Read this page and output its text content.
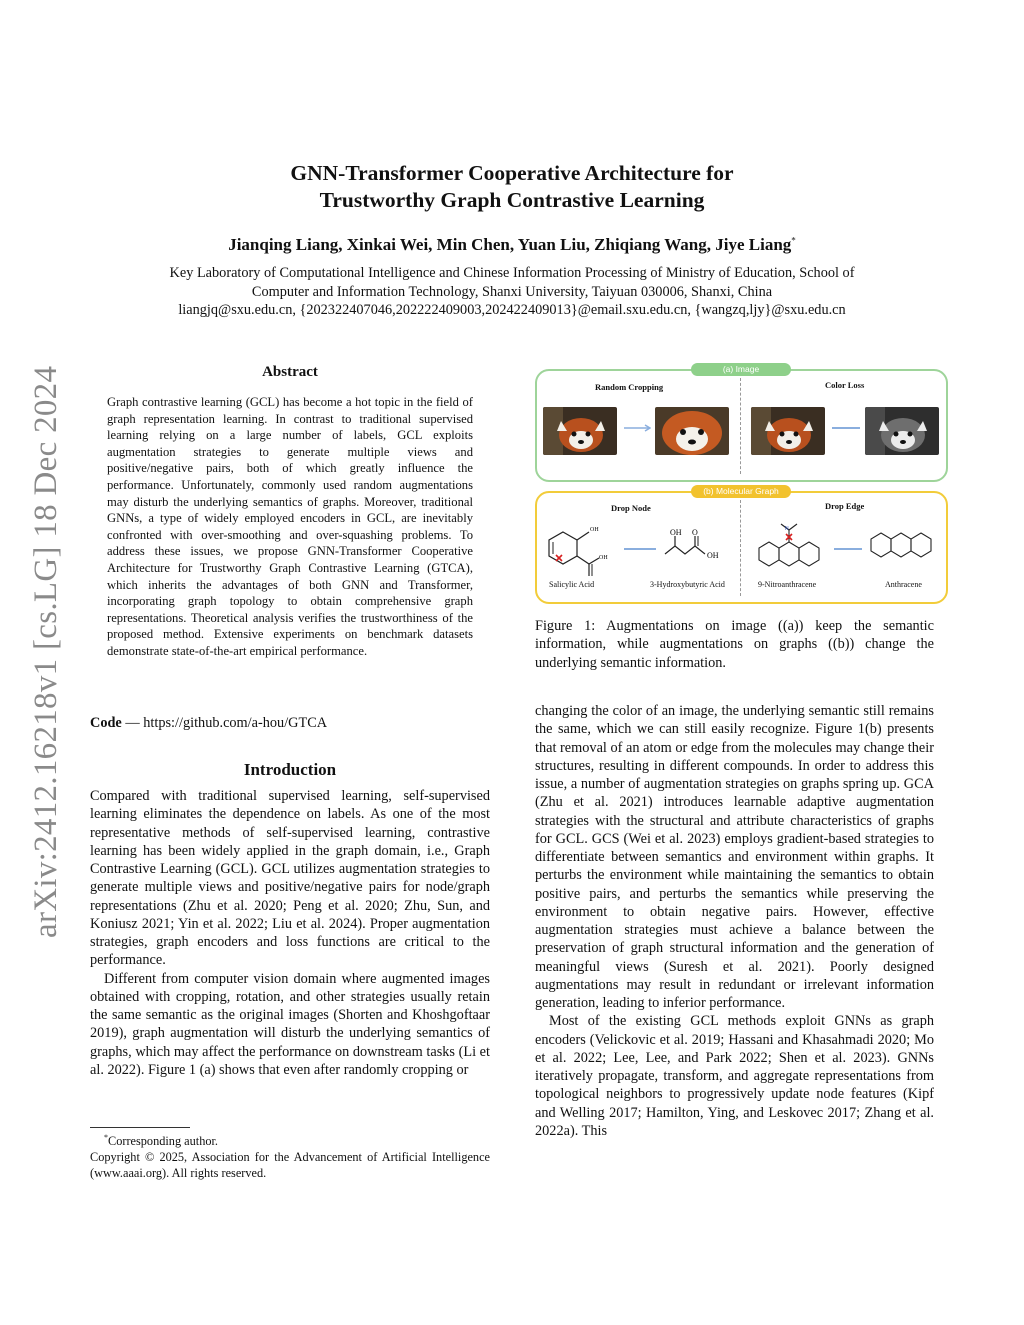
arXiv:2412.16218v1 [cs.LG] 18 Dec 2024
GNN-Transformer Cooperative Architecture for
Trustworthy Graph Contrastive Learning
Jianqing Liang, Xinkai Wei, Min Chen, Yuan Liu, Zhiqiang Wang, Jiye Liang*
Key Laboratory of Computational Intelligence and Chinese Information Processing of Ministry of Education, School of
Computer and Information Technology, Shanxi University, Taiyuan 030006, Shanxi, China
liangjq@sxu.edu.cn, {202322407046,202222409003,202422409013}@email.sxu.edu.cn, {wangzq,ljy}@sxu.edu.cn
Abstract
Graph contrastive learning (GCL) has become a hot topic in the field of graph representation learning. In contrast to traditional supervised learning relying on a large number of labels, GCL exploits augmentation strategies to generate multiple views and positive/negative pairs, both of which greatly influence the performance. Unfortunately, commonly used random augmentations may disturb the underlying semantics of graphs. Moreover, traditional GNNs, a type of widely employed encoders in GCL, are inevitably confronted with over-smoothing and over-squashing problems. To address these issues, we propose GNN-Transformer Cooperative Architecture for Trustworthy Graph Contrastive Learning (GTCA), which inherits the advantages of both GNN and Transformer, incorporating graph topology to obtain comprehensive graph representations. Theoretical analysis verifies the trustworthiness of the proposed method. Extensive experiments on benchmark datasets demonstrate state-of-the-art empirical performance.
Code — https://github.com/a-hou/GTCA
Introduction

Compared with traditional supervised learning, self-supervised learning eliminates the dependence on labels. As one of the most representative methods of self-supervised learning, contrastive learning has been widely applied in the graph domain, i.e., Graph Contrastive Learning (GCL). GCL utilizes augmentation strategies to generate multiple views and positive/negative pairs for node/graph representations (Zhu et al. 2020; Peng et al. 2020; Zhu, Sun, and Koniusz 2021; Yin et al. 2022; Liu et al. 2024). Proper augmentation strategies, graph encoders and loss functions are critical to the performance.

Different from computer vision domain where augmented images obtained with cropping, rotation, and other strategies usually retain the same semantic as the original images (Shorten and Khoshgoftaar 2019), graph augmentation will disturb the underlying semantics of graphs, which may affect the performance on downstream tasks (Li et al. 2022). Figure 1 (a) shows that even after randomly cropping or

*Corresponding author.
Copyright © 2025, Association for the Advancement of Artificial Intelligence (www.aaai.org). All rights reserved.
(a) Image
(b) Molecular Graph
Random Cropping	Color Loss
Drop Node	Drop Edge
OH
OH
OH O
OH
N
Salicylic Acid	3-Hydroxybutyric Acid	9-Nitroanthracene	Anthracene
Figure 1: Augmentations on image ((a)) keep the semantic information, while augmentations on graphs ((b)) change the underlying semantic information.

changing the color of an image, the underlying semantic still remains the same, which we can still easily recognize. Figure 1(b) presents that removal of an atom or edge from the molecules may change their structures, resulting in different compounds. In order to address this issue, a number of augmentation strategies on graphs spring up. GCA (Zhu et al. 2021) introduces learnable adaptive augmentation strategies with the structural and attribute characteristics of graphs for GCL. GCS (Wei et al. 2023) employs gradient-based strategies to differentiate between semantics and environment within graphs. It perturbs the environment while maintaining the semantics to obtain positive pairs, and perturbs the semantics while preserving the environment to obtain negative pairs. However, effective augmentation strategies must achieve a balance between the preservation of graph structural information and the generation of meaningful views (Suresh et al. 2021). Poorly designed augmentations may result in redundant or irrelevant information generation, leading to inferior performance.

Most of the existing GCL methods exploit GNNs as graph encoders (Velickovic et al. 2019; Hassani and Khasahmadi 2020; Mo et al. 2022; Lee, Lee, and Park 2022; Shen et al. 2023). GNNs iteratively propagate, transform, and aggregate representations from topological neighbors to progressively update node features (Kipf and Welling 2017; Hamilton, Ying, and Leskovec 2017; Zhang et al. 2022a). This
